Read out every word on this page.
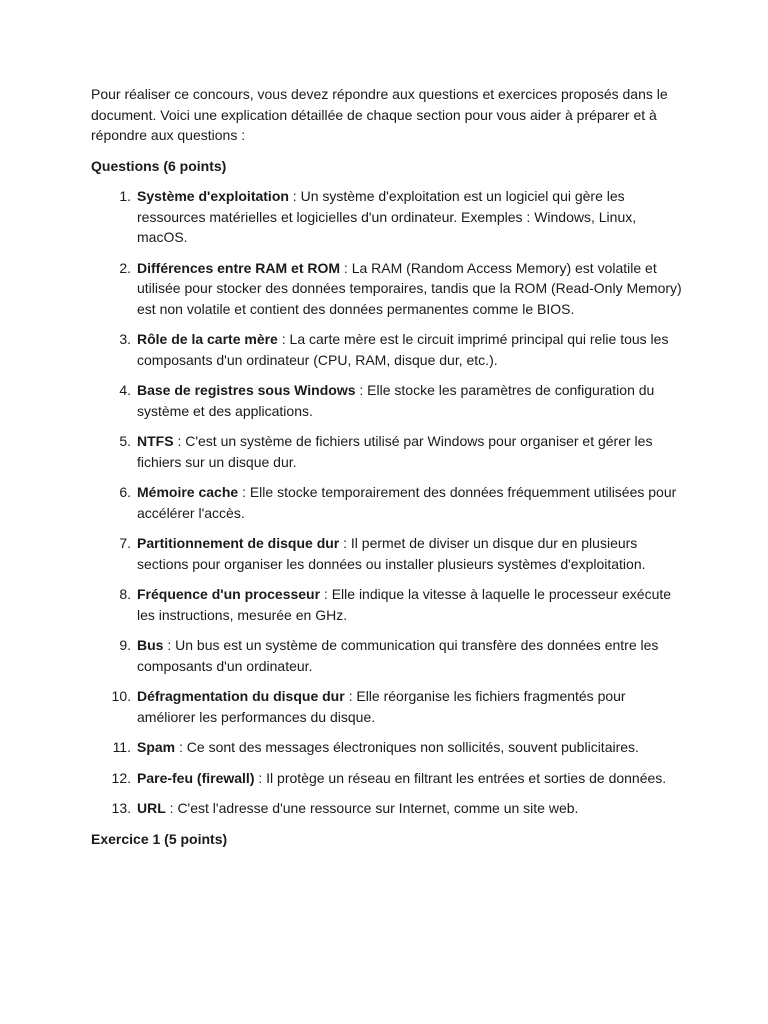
Pour réaliser ce concours, vous devez répondre aux questions et exercices proposés dans le document. Voici une explication détaillée de chaque section pour vous aider à préparer et à répondre aux questions :

Questions (6 points)

1. Système d'exploitation : Un système d'exploitation est un logiciel qui gère les ressources matérielles et logicielles d'un ordinateur. Exemples : Windows, Linux, macOS.
2. Différences entre RAM et ROM : La RAM (Random Access Memory) est volatile et utilisée pour stocker des données temporaires, tandis que la ROM (Read-Only Memory) est non volatile et contient des données permanentes comme le BIOS.
3. Rôle de la carte mère : La carte mère est le circuit imprimé principal qui relie tous les composants d'un ordinateur (CPU, RAM, disque dur, etc.).
4. Base de registres sous Windows : Elle stocke les paramètres de configuration du système et des applications.
5. NTFS : C'est un système de fichiers utilisé par Windows pour organiser et gérer les fichiers sur un disque dur.
6. Mémoire cache : Elle stocke temporairement des données fréquemment utilisées pour accélérer l'accès.
7. Partitionnement de disque dur : Il permet de diviser un disque dur en plusieurs sections pour organiser les données ou installer plusieurs systèmes d'exploitation.
8. Fréquence d'un processeur : Elle indique la vitesse à laquelle le processeur exécute les instructions, mesurée en GHz.
9. Bus : Un bus est un système de communication qui transfère des données entre les composants d'un ordinateur.
10. Défragmentation du disque dur : Elle réorganise les fichiers fragmentés pour améliorer les performances du disque.
11. Spam : Ce sont des messages électroniques non sollicités, souvent publicitaires.
12. Pare-feu (firewall) : Il protège un réseau en filtrant les entrées et sorties de données.
13. URL : C'est l'adresse d'une ressource sur Internet, comme un site web.

Exercice 1 (5 points)
